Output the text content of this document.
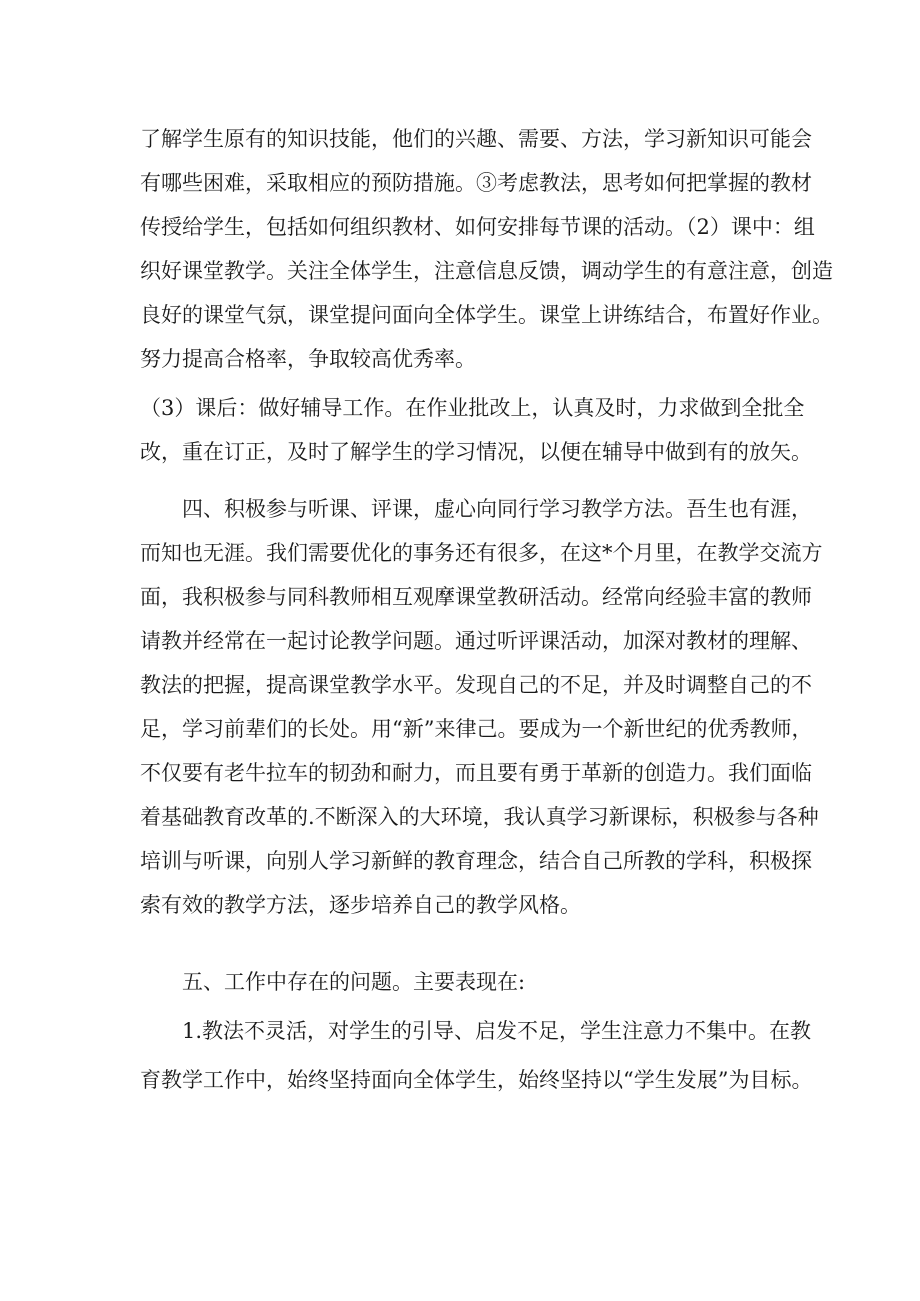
了解学生原有的知识技能，他们的兴趣、需要、方法，学习新知识可能会

有哪些困难，采取相应的预防措施。③考虑教法，思考如何把掌握的教材

传授给学生，包括如何组织教材、如何安排每节课的活动。（2）课中：组

织好课堂教学。关注全体学生，注意信息反馈，调动学生的有意注意，创造

良好的课堂气氛，课堂提问面向全体学生。课堂上讲练结合，布置好作业。

努力提高合格率，争取较高优秀率。

（3）课后：做好辅导工作。在作业批改上，认真及时，力求做到全批全

改，重在订正，及时了解学生的学习情况，以便在辅导中做到有的放矢。

四、积极参与听课、评课，虚心向同行学习教学方法。吾生也有涯，

而知也无涯。我们需要优化的事务还有很多，在这*个月里，在教学交流方

面，我积极参与同科教师相互观摩课堂教研活动。经常向经验丰富的教师

请教并经常在一起讨论教学问题。通过听评课活动，加深对教材的理解、

教法的把握，提高课堂教学水平。发现自己的不足，并及时调整自己的不

足，学习前辈们的长处。用“新”来律己。要成为一个新世纪的优秀教师，

不仅要有老牛拉车的韧劲和耐力，而且要有勇于革新的创造力。我们面临

着基础教育改革的.不断深入的大环境，我认真学习新课标，积极参与各种

培训与听课，向别人学习新鲜的教育理念，结合自己所教的学科，积极探

索有效的教学方法，逐步培养自己的教学风格。

五、工作中存在的问题。主要表现在:

1.教法不灵活，对学生的引导、启发不足，学生注意力不集中。在教

育教学工作中，始终坚持面向全体学生，始终坚持以“学生发展”为目标。
